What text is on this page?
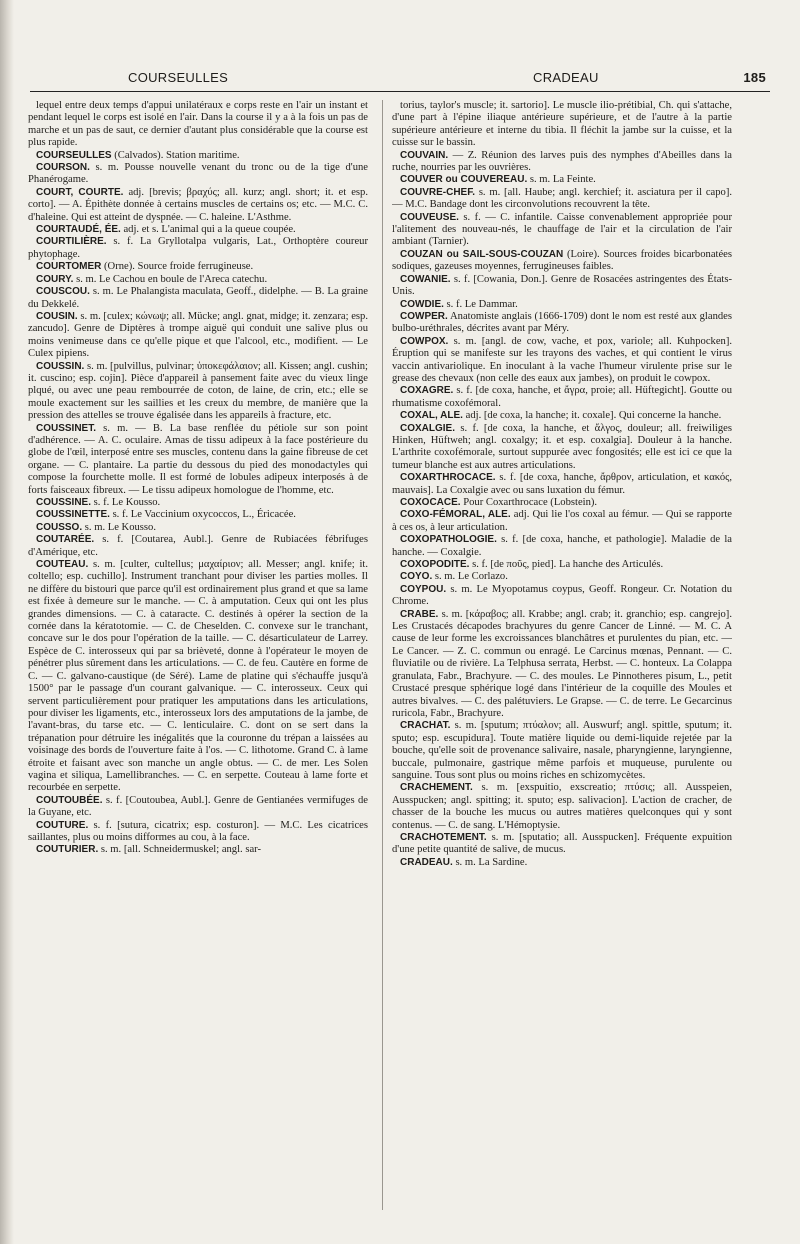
COURSEULLES	CRADEAU	185

lequel entre deux temps d'appui unilatéraux e corps reste en l'air un instant et pendant lequel le corps est isolé en l'air. Dans la course il y a à la fois un pas de marche et un pas de saut, ce dernier d'autant plus considérable que la course est plus rapide.

COURSEULLES (Calvados). Station maritime.

COURSON. s. m. Pousse nouvelle venant du tronc ou de la tige d'une Phanérogame.

COURT, COURTE. adj. [brevis; βραχύς; all. kurz; angl. short; it. et esp. corto]. — A. Épithète donnée à certains muscles de certains os; etc. — M.C. C. d'haleine. Qui est atteint de dyspnée. — C. haleine. L'Asthme.

COURTAUDÉ, ÉE. adj. et s. L'animal qui a la queue coupée.

COURTILIÈRE. s. f. La Gryllotalpa vulgaris, Lat., Orthoptère coureur phytophage.

COURTOMER (Orne). Source froide ferrugineuse.

COURY. s. m. Le Cachou en boule de l'Areca catechu.

COUSCOU. s. m. Le Phalangista maculata, Geoff., didelphe. — B. La graine du Dekkelé.

COUSIN. s. m. [culex; κώνωψ; all. Mücke; angl. gnat, midge; it. zenzara; esp. zancudo]. Genre de Diptères à trompe aiguë qui conduit une salive plus ou moins venimeuse dans ce qu'elle pique et que l'alcool, etc., modifient. — Le Culex pipiens.

COUSSIN. s. m. [pulvillus, pulvinar; ὑποκεφάλαιον; all. Kissen; angl. cushin; it. cuscino; esp. cojin]. Pièce d'appareil à pansement faite avec du vieux linge plqué, ou avec une peau rembourrée de coton, de laine, de crin, etc.; elle se moule exactement sur les saillies et les creux du membre, de manière que la pression des attelles se trouve égalisée dans les appareils à fracture, etc.

COUSSINET. s. m. — B. La base renflée du pétiole sur son point d'adhérence. — A. C. oculaire. Amas de tissu adipeux à la face postérieure du globe de l'œil, interposé entre ses muscles, contenu dans la gaine fibreuse de cet organe. — C. plantaire. La partie du dessous du pied des monodactyles qui compose la fourchette molle. Il est formé de lobules adipeux interposés à de forts faisceaux fibreux. — Le tissu adipeux homologue de l'homme, etc.

COUSSINE. s. f. Le Kousso.

COUSSINETTE. s. f. Le Vaccinium oxycoccos, L., Éricacée.

COUSSO. s. m. Le Kousso.

COUTARÉE. s. f. [Coutarea, Aubl.]. Genre de Rubiacées fébrifuges d'Amérique, etc.

COUTEAU. s. m. [culter, cultellus; μαχαίριον; all. Messer; angl. knife; it. coltello; esp. cuchillo]. Instrument tranchant pour diviser les parties molles. Il ne diffère du bistouri que parce qu'il est ordinairement plus grand et que sa lame est fixée à demeure sur le manche. — C. à amputation. Ceux qui ont les plus grandes dimensions. — C. à cataracte. C. destinés à opérer la section de la cornée dans la kératotomie. — C. de Cheselden. C. convexe sur le tranchant, concave sur le dos pour l'opération de la taille. — C. désarticulateur de Larrey. Espèce de C. interosseux qui par sa brièveté, donne à l'opérateur le moyen de pénétrer plus sûrement dans les articulations. — C. de feu. Cautère en forme de C. — C. galvano-caustique (de Séré). Lame de platine qui s'échauffe jusqu'à 1500° par le passage d'un courant galvanique. — C. interosseux. Ceux qui servent particulièrement pour pratiquer les amputations dans les articulations, pour diviser les ligaments, etc., interosseux lors des amputations de la jambe, de l'avant-bras, du tarse etc. — C. lenticulaire. C. dont on se sert dans la trépanation pour détruire les inégalités que la couronne du trépan a laissées au voisinage des bords de l'ouverture faite à l'os. — C. lithotome. Grand C. à lame étroite et faisant avec son manche un angle obtus. — C. de mer. Les Solen vagina et siliqua, Lamellibranches. — C. en serpette. Couteau à lame forte et recourbée en serpette.

COUTOUBÉE. s. f. [Coutoubea, Aubl.]. Genre de Gentianées vermifuges de la Guyane, etc.

COUTURE. s. f. [sutura, cicatrix; esp. costuron]. — M.C. Les cicatrices saillantes, plus ou moins difformes au cou, à la face.

COUTURIER. s. m. [all. Schneidermuskel; angl. sar-

torius, taylor's muscle; it. sartorio]. Le muscle ilio-prétibial, Ch. qui s'attache, d'une part à l'épine iliaque antérieure supérieure, et de l'autre à la partie supérieure antérieure et interne du tibia. Il fléchit la jambe sur la cuisse, et la cuisse sur le bassin.

COUVAIN. — Z. Réunion des larves puis des nymphes d'Abeilles dans la ruche, nourries par les ouvrières.

COUVER ou COUVEREAU. s. m. La Feinte.

COUVRE-CHEF. s. m. [all. Haube; angl. kerchief; it. asciatura per il capo]. — M.C. Bandage dont les circonvolutions recouvrent la tête.

COUVEUSE. s. f. — C. infantile. Caisse convenablement appropriée pour l'alitement des nouveau-nés, le chauffage de l'air et la circulation de l'air ambiant (Tarnier).

COUZAN ou SAIL-SOUS-COUZAN (Loire). Sources froides bicarbonatées sodiques, gazeuses moyennes, ferrugineuses faibles.

COWANIE. s. f. [Cowania, Don.]. Genre de Rosacées astringentes des États-Unis.

COWDIE. s. f. Le Dammar.

COWPER. Anatomiste anglais (1666-1709) dont le nom est resté aux glandes bulbo-uréthrales, décrites avant par Méry.

COWPOX. s. m. [angl. de cow, vache, et pox, variole; all. Kuhpocken]. Éruption qui se manifeste sur les trayons des vaches, et qui contient le virus vaccin antivariolique. En inoculant à la vache l'humeur virulente prise sur le grease des chevaux (non celle des eaux aux jambes), on produit le cowpox.

COXAGRE. s. f. [de coxa, hanche, et ἄγρα, proie; all. Hüftegicht]. Goutte ou rhumatisme coxofémoral.

COXAL, ALE. adj. [de coxa, la hanche; it. coxale]. Qui concerne la hanche.

COXALGIE. s. f. [de coxa, la hanche, et ἄλγος, douleur; all. freiwiliges Hinken, Hüftweh; angl. coxalgy; it. et esp. coxalgia]. Douleur à la hanche. L'arthrite coxofémorale, surtout suppurée avec fongosités; elle est ici ce que la tumeur blanche est aux autres articulations.

COXARTHROCACE. s. f. [de coxa, hanche, ἄρθρον, articulation, et κακός, mauvais]. La Coxalgie avec ou sans luxation du fémur.

COXOCACE. Pour Coxarthrocace (Lobstein).

COXO-FÉMORAL, ALE. adj. Qui lie l'os coxal au fémur. — Qui se rapporte à ces os, à leur articulation.

COXOPATHOLOGIE. s. f. [de coxa, hanche, et pathologie]. Maladie de la hanche. — Coxalgie.

COXOPODITE. s. f. [de ποῦς, pied]. La hanche des Articulés.

COYO. s. m. Le Corlazo.

COYPOU. s. m. Le Myopotamus coypus, Geoff. Rongeur. Cr. Notation du Chrome.

CRABE. s. m. [κάραβος; all. Krabbe; angl. crab; it. granchio; esp. cangrejo]. Les Crustacés décapodes brachyures du genre Cancer de Linné. — M. C. A cause de leur forme les excroissances blanchâtres et purulentes du pian, etc. — Le Cancer. — Z. C. commun ou enragé. Le Carcinus mœnas, Pennant. — C. fluviatile ou de rivière. La Telphusa serrata, Herbst. — C. honteux. La Colappa granulata, Fabr., Brachyure. — C. des moules. Le Pinnotheres pisum, L., petit Crustacé presque sphérique logé dans l'intérieur de la coquille des Moules et autres bivalves. — C. des palétuviers. Le Grapse. — C. de terre. Le Gecarcinus ruricola, Fabr., Brachyure.

CRACHAT. s. m. [sputum; πτύαλον; all. Auswurf; angl. spittle, sputum; it. sputo; esp. escupidura]. Toute matière liquide ou demi-liquide rejetée par la bouche, qu'elle soit de provenance salivaire, nasale, pharyngienne, laryngienne, buccale, pulmonaire, gastrique même parfois et muqueuse, purulente ou sanguine. Tous sont plus ou moins riches en schizomycètes.

CRACHEMENT. s. m. [exspuitio, exscreatio; πτύσις; all. Ausspeien, Ausspucken; angl. spitting; it. sputo; esp. salivacion]. L'action de cracher, de chasser de la bouche les mucus ou autres matières quelconques qui y sont contenus. — C. de sang. L'Hémoptysie.

CRACHOTEMENT. s. m. [sputatio; all. Ausspucken]. Fréquente expuition d'une petite quantité de salive, de mucus.

CRADEAU. s. m. La Sardine.
